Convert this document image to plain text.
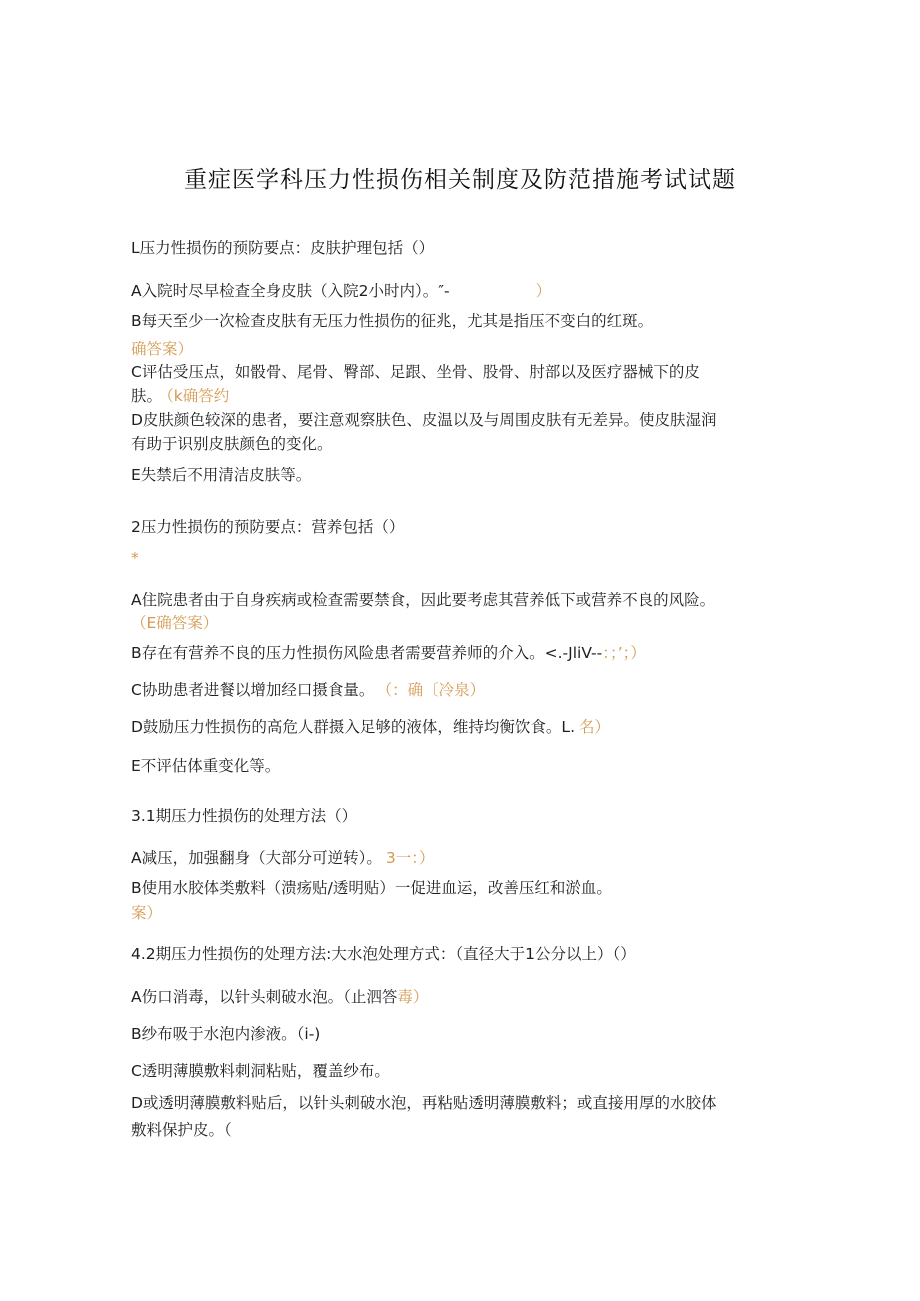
重症医学科压力性损伤相关制度及防范措施考试试题
L压力性损伤的预防要点：皮肤护理包括（）
A入院时尽早检查全身皮肤（入院2小时内）。″-	）
B每天至少一次检查皮肤有无压力性损伤的征兆，尤其是指压不变白的红斑。
确答案）
C评估受压点，如骰骨、尾骨、臀部、足跟、坐骨、股骨、肘部以及医疗器械下的皮
肤。 （k确答约
D皮肤颜色较深的患者，要注意观察肤色、皮温以及与周围皮肤有无差异。使皮肤湿润
有助于识别皮肤颜色的变化。
E失禁后不用清洁皮肤等。
2压力性损伤的预防要点：营养包括（）
*
A住院患者由于自身疾病或检查需要禁食，因此要考虑其营养低下或营养不良的风险。
（E确答案）
B存在有营养不良的压力性损伤风险患者需要营养师的介入。<.-JliV--：；’；）
C协助患者进餐以增加经口摄食量。 （：确〔冷泉）
D鼓励压力性损伤的高危人群摄入足够的液体，维持均衡饮食。L. 名）
E不评估体重变化等。
3.1期压力性损伤的处理方法（）
A减压，加强翻身（大部分可逆转）。 3一：）
B使用水胶体类敷料（溃疡贴/透明贴）一促进血运，改善压红和淤血。
案）
4.2期压力性损伤的处理方法:大水泡处理方式：（直径大于1公分以上）（）
A伤口消毒，以针头刺破水泡。（止泗答毒）
B纱布吸于水泡内渗液。（i-)
C透明薄膜敷料刺洞粘贴，覆盖纱布。
D或透明薄膜敷料贴后，以针头刺破水泡，再粘贴透明薄膜敷料；或直接用厚的水胶体
敷料保护皮。（
